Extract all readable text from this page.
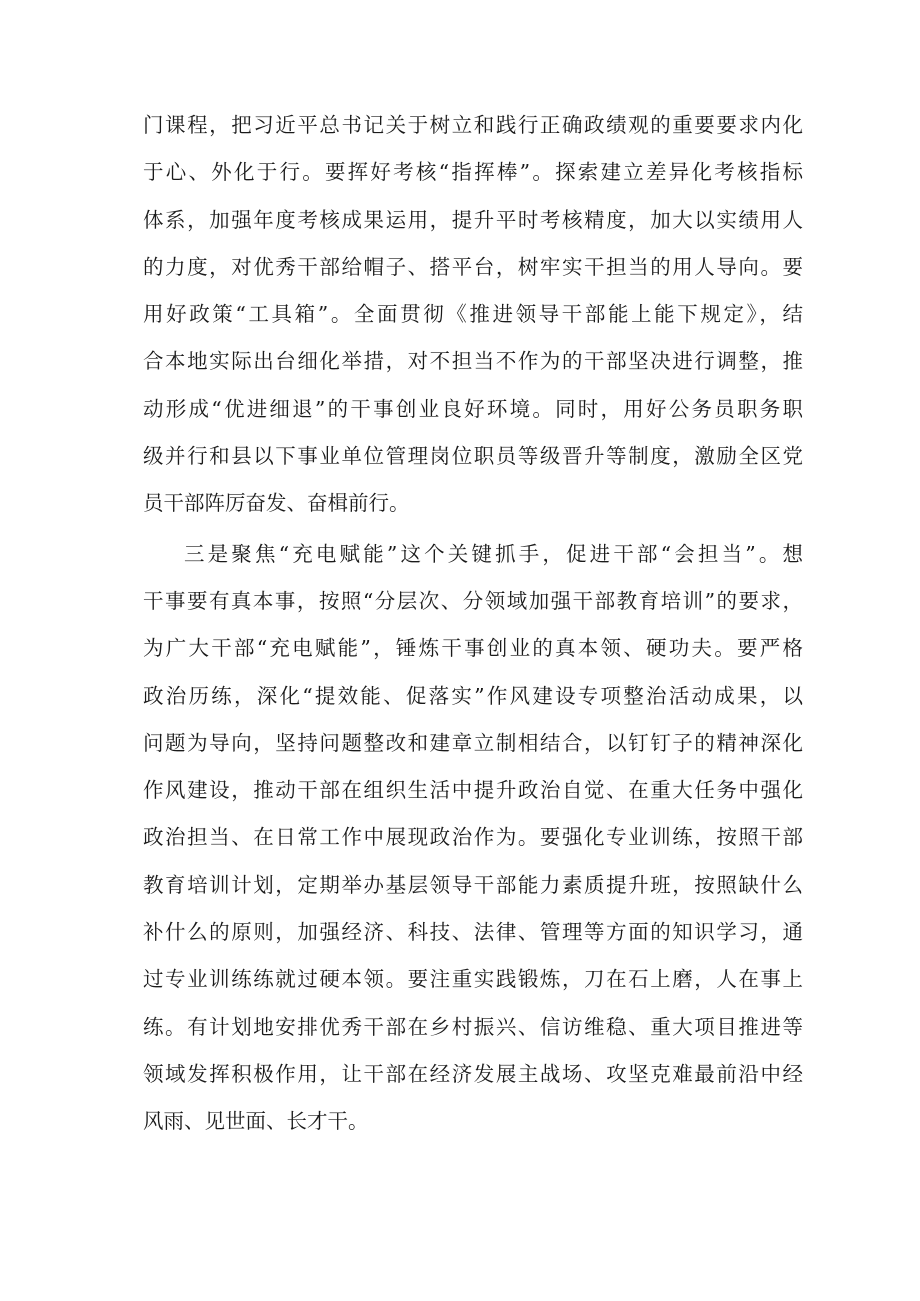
门课程，把习近平总书记关于树立和践行正确政绩观的重要要求内化
于心、外化于行。要挥好考核“指挥棒”。探索建立差异化考核指标
体系，加强年度考核成果运用，提升平时考核精度，加大以实绩用人
的力度，对优秀干部给帽子、搭平台，树牢实干担当的用人导向。要
用好政策“工具箱”。全面贯彻《推进领导干部能上能下规定》，结
合本地实际出台细化举措，对不担当不作为的干部坚决进行调整，推
动形成“优进细退”的干事创业良好环境。同时，用好公务员职务职
级并行和县以下事业单位管理岗位职员等级晋升等制度，激励全区党
员干部阵厉奋发、奋楫前行。
三是聚焦“充电赋能”这个关键抓手，促进干部“会担当”。想
干事要有真本事，按照“分层次、分领域加强干部教育培训”的要求，
为广大干部“充电赋能”，锤炼干事创业的真本领、硬功夫。要严格
政治历练，深化“提效能、促落实”作风建设专项整治活动成果，以
问题为导向，坚持问题整改和建章立制相结合，以钉钉子的精神深化
作风建设，推动干部在组织生活中提升政治自觉、在重大任务中强化
政治担当、在日常工作中展现政治作为。要强化专业训练，按照干部
教育培训计划，定期举办基层领导干部能力素质提升班，按照缺什么
补什么的原则，加强经济、科技、法律、管理等方面的知识学习，通
过专业训练练就过硬本领。要注重实践锻炼，刀在石上磨，人在事上
练。有计划地安排优秀干部在乡村振兴、信访维稳、重大项目推进等
领域发挥积极作用，让干部在经济发展主战场、攻坚克难最前沿中经
风雨、见世面、长才干。
